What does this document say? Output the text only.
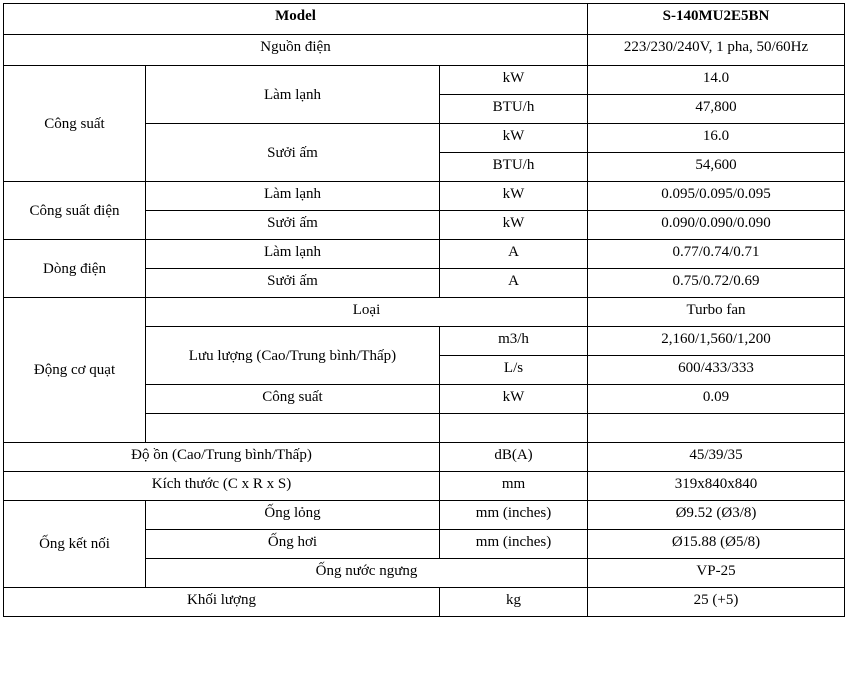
Model			S-140MU2E5BN
Nguồn điện			223/230/240V, 1 pha, 50/60Hz
Công suất	Làm lạnh	kW	14.0
		BTU/h	47,800
	Sưởi ấm	kW	16.0
		BTU/h	54,600
Công suất điện	Làm lạnh	kW	0.095/0.095/0.095
	Sưởi ấm	kW	0.090/0.090/0.090
Dòng điện	Làm lạnh	A	0.77/0.74/0.71
	Sưởi ấm	A	0.75/0.72/0.69
Động cơ quạt	Loại		Turbo fan
	Lưu lượng (Cao/Trung bình/Thấp)	m3/h	2,160/1,560/1,200
		L/s	600/433/333
	Công suất	kW	0.09

Độ ồn (Cao/Trung bình/Thấp)		dB(A)	45/39/35
Kích thước (C x R x S)		mm	319x840x840
Ống kết nối	Ống lỏng	mm (inches)	Ø9.52 (Ø3/8)
	Ống hơi	mm (inches)	Ø15.88 (Ø5/8)
	Ống nước ngưng		VP-25
Khối lượng		kg	25 (+5)
